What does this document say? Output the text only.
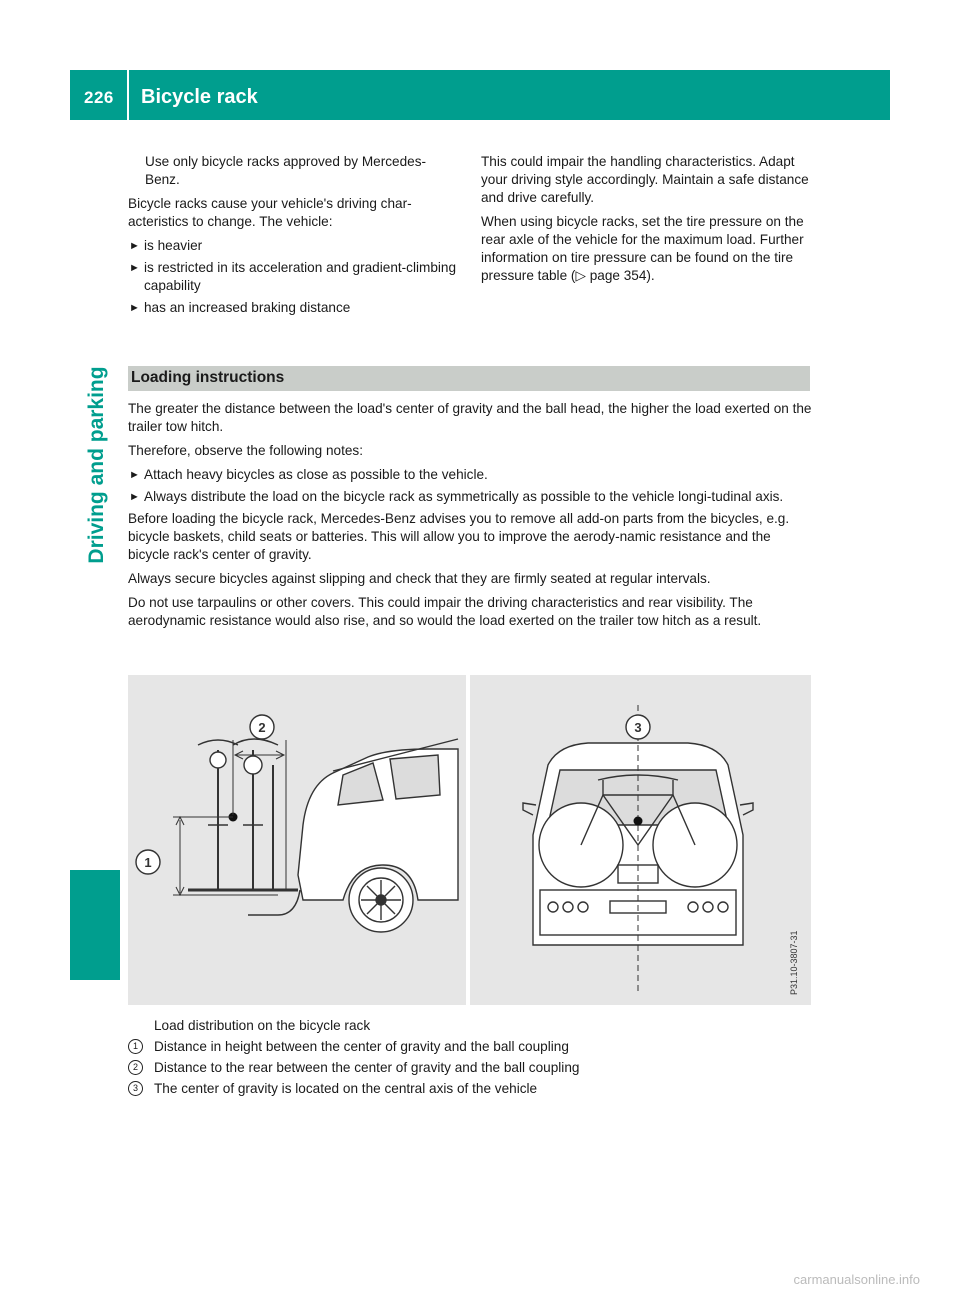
226 Bicycle rack
Driving and parking

Use only bicycle racks approved by Mercedes-Benz.

Bicycle racks cause your vehicle's driving char-acteristics to change. The vehicle:

► is heavier
► is restricted in its acceleration and gradient-climbing capability
► has an increased braking distance

This could impair the handling characteristics. Adapt your driving style accordingly. Maintain a safe distance and drive carefully.

When using bicycle racks, set the tire pressure on the rear axle of the vehicle for the maximum load. Further information on tire pressure can be found on the tire pressure table (▷ page 354).

Loading instructions

The greater the distance between the load's center of gravity and the ball head, the higher the load exerted on the trailer tow hitch.

Therefore, observe the following notes:

► Attach heavy bicycles as close as possible to the vehicle.
► Always distribute the load on the bicycle rack as symmetrically as possible to the vehicle longi-tudinal axis.

Before loading the bicycle rack, Mercedes-Benz advises you to remove all add-on parts from the bicycles, e.g. bicycle baskets, child seats or batteries. This will allow you to improve the aerody-namic resistance and the bicycle rack's center of gravity.

Always secure bicycles against slipping and check that they are firmly seated at regular intervals.

Do not use tarpaulins or other covers. This could impair the driving characteristics and rear visibility. The aerodynamic resistance would also rise, and so would the load exerted on the trailer tow hitch as a result.

1
2	3
P31.10-3807-31
Load distribution on the bicycle rack
1	Distance in height between the center of gravity and the ball coupling
2	Distance to the rear between the center of gravity and the ball coupling
3	The center of gravity is located on the central axis of the vehicle
carmanualsonline.info
